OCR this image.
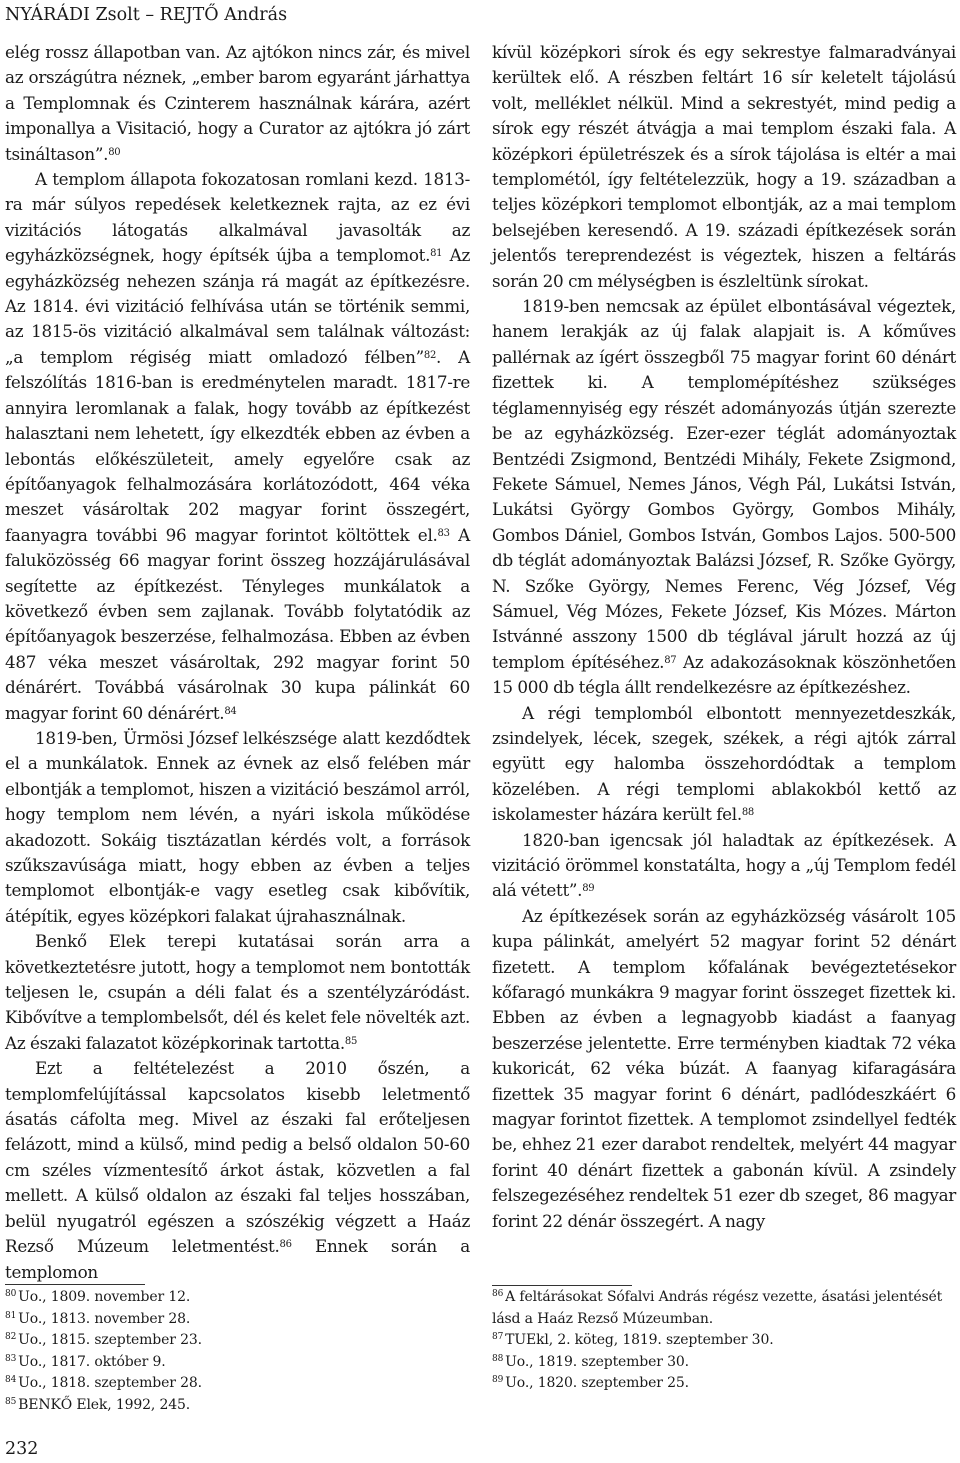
NYÁRÁDI Zsolt – REJTŐ András

elég rossz állapotban van. Az ajtókon nincs zár, és mivel az országútra néznek, „ember barom egyaránt járhattya a Templomnak és Czinterem használnak kárára, azért imponallya a Visitació, hogy a Curator az ajtókra jó zárt tsináltason”.$^{80}$

A templom állapota fokozatosan romlani kezd. 1813-ra már súlyos repedések keletkeznek rajta, az ez évi vizitációs látogatás alkalmával javasolták az egyházközségnek, hogy építsék újba a templomot.$^{81}$ Az egyházközség nehezen szánja rá magát az építkezésre. Az 1814. évi vizitáció felhívása után se történik semmi, az 1815-ös vizitáció alkalmával sem találnak változást: „a templom régiség miatt omladozó félben”$^{82}$. A felszólítás 1816-ban is eredménytelen maradt. 1817-re annyira leromlanak a falak, hogy tovább az építkezést halasztani nem lehetett, így elkezdték ebben az évben a lebontás előkészületeit, amely egyelőre csak az építőanyagok felhalmozására korlátozódott, 464 véka meszet vásároltak 202 magyar forint összegért, faanyagra további 96 magyar forintot költöttek el.$^{83}$ A faluközösség 66 magyar forint összeg hozzájárulásával segítette az építkezést. Tényleges munkálatok a következő évben sem zajlanak. Tovább folytatódik az építőanyagok beszerzése, felhalmozása. Ebben az évben 487 véka meszet vásároltak, 292 magyar forint 50 dénárért. Továbbá vásárolnak 30 kupa pálinkát 60 magyar forint 60 dénárért.$^{84}$

1819-ben, Ürmösi József lelkészsége alatt kezdődtek el a munkálatok. Ennek az évnek az első felében már elbontják a templomot, hiszen a vizitáció beszámol arról, hogy templom nem lévén, a nyári iskola működése akadozott. Sokáig tisztázatlan kérdés volt, a források szűkszavúsága miatt, hogy ebben az évben a teljes templomot elbontják-e vagy esetleg csak kibővítik, átépítik, egyes középkori falakat újrahasználnak.

Benkő Elek terepi kutatásai során arra a következtetésre jutott, hogy a templomot nem bontották teljesen le, csupán a déli falat és a szentélyzáródást. Kibővítve a templombelsőt, dél és kelet fele növelték azt. Az északi falazatot középkorinak tartotta.$^{85}$

Ezt a feltételezést a 2010 őszén, a templomfelújítással kapcsolatos kisebb leletmentő ásatás cáfolta meg. Mivel az északi fal erőteljesen felázott, mind a külső, mind pedig a belső oldalon 50-60 cm széles vízmentesítő árkot ástak, közvetlen a fal mellett. A külső oldalon az északi fal teljes hosszában, belül nyugatról egészen a szószékig végzett a Haáz Rezső Múzeum leletmentést.$^{86}$ Ennek során a templomon

kívül középkori sírok és egy sekrestye falmaradványai kerültek elő. A részben feltárt 16 sír keletelt tájolású volt, melléklet nélkül. Mind a sekrestyét, mind pedig a sírok egy részét átvágja a mai templom északi fala. A középkori épületrészek és a sírok tájolása is eltér a mai templométól, így feltételezzük, hogy a 19. században a teljes középkori templomot elbontják, az a mai templom belsejében keresendő. A 19. századi építkezések során jelentős tereprendezést is végeztek, hiszen a feltárás során 20 cm mélységben is észleltünk sírokat.

1819-ben nemcsak az épület elbontásával végeztek, hanem lerakják az új falak alapjait is. A kőműves pallérnak az ígért összegből 75 magyar forint 60 dénárt fizettek ki. A templomépítéshez szükséges téglamennyiség egy részét adományozás útján szerezte be az egyházközség. Ezer-ezer téglát adományoztak Bentzédi Zsigmond, Bentzédi Mihály, Fekete Zsigmond, Fekete Sámuel, Nemes János, Végh Pál, Lukátsi István, Lukátsi György Gombos György, Gombos Mihály, Gombos Dániel, Gombos István, Gombos Lajos. 500-500 db téglát adományoztak Balázsi József, R. Szőke György, N. Szőke György, Nemes Ferenc, Vég József, Vég Sámuel, Vég Mózes, Fekete József, Kis Mózes. Márton Istvánné asszony 1500 db téglával járult hozzá az új templom építéséhez.$^{87}$ Az adakozásoknak köszönhetően 15 000 db tégla állt rendelkezésre az építkezéshez.

A régi templomból elbontott mennyezetdeszkák, zsindelyek, lécek, szegek, székek, a régi ajtók zárral együtt egy halomba összehordódtak a templom közelében. A régi templomi ablakokból kettő az iskolamester házára került fel.$^{88}$

1820-ban igencsak jól haladtak az építkezések. A vizitáció örömmel konstatálta, hogy a „új Templom fedél alá vétett”.$^{89}$

Az építkezések során az egyházközség vásárolt 105 kupa pálinkát, amelyért 52 magyar forint 52 dénárt fizetett. A templom kőfalának bevégeztetésekor kőfaragó munkákra 9 magyar forint összeget fizettek ki. Ebben az évben a legnagyobb kiadást a faanyag beszerzése jelentette. Erre terményben kiadtak 72 véka kukoricát, 62 véka búzát. A faanyag kifaragására fizettek 35 magyar forint 6 dénárt, padlódeszkáért 6 magyar forintot fizettek. A templomot zsindellyel fedték be, ehhez 21 ezer darabot rendeltek, melyért 44 magyar forint 40 dénárt fizettek a gabonán kívül. A zsindely felszegezéséhez rendeltek 51 ezer db szeget, 86 magyar forint 22 dénár összegért. A nagy

$^{80}$ Uo., 1809. november 12.

$^{81}$ Uo., 1813. november 28.

$^{82}$ Uo., 1815. szeptember 23.

$^{83}$ Uo., 1817. október 9.

$^{84}$ Uo., 1818. szeptember 28.

$^{85}$ BENKŐ Elek, 1992, 245.

$^{86}$ A feltárásokat Sófalvi András régész vezette, ásatási jelentését lásd a Haáz Rezső Múzeumban.

$^{87}$ TUEkl, 2. köteg, 1819. szeptember 30.

$^{88}$ Uo., 1819. szeptember 30.

$^{89}$ Uo., 1820. szeptember 25.

232
